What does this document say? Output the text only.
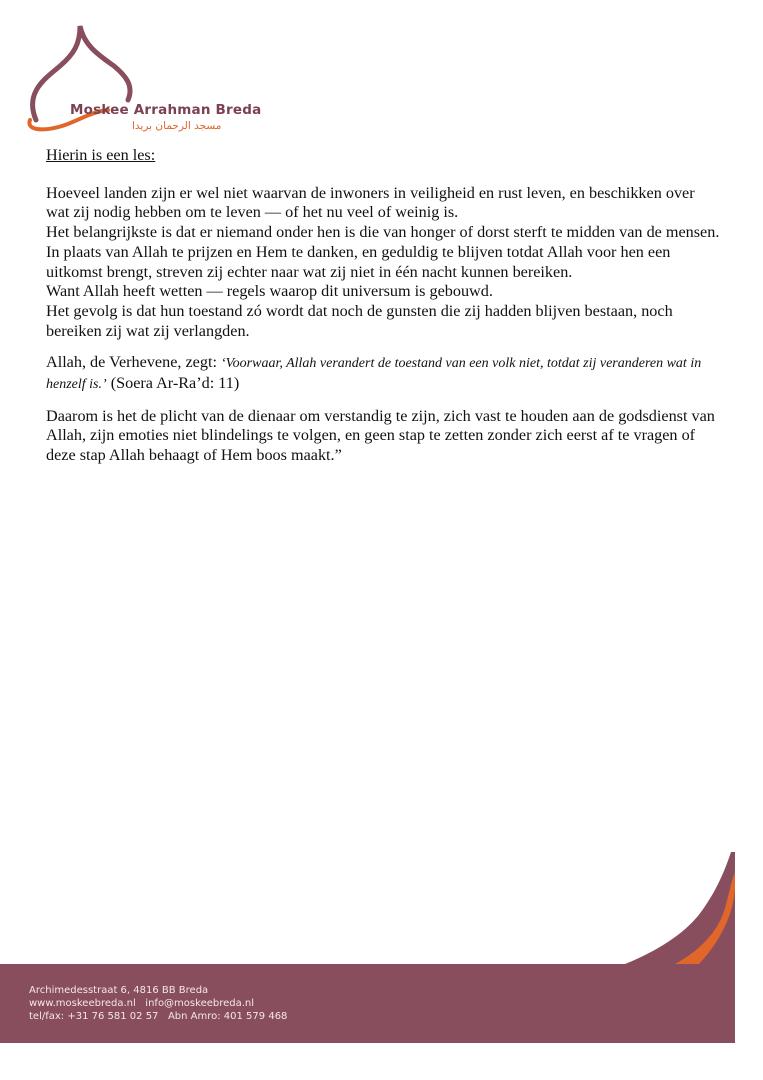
Moskee Arrahman Breda
مسجد الرحمان بريدا

Hierin is een les:

Hoeveel landen zijn er wel niet waarvan de inwoners in veiligheid en rust leven, en beschikken over wat zij nodig hebben om te leven — of het nu veel of weinig is.

Het belangrijkste is dat er niemand onder hen is die van honger of dorst sterft te midden van de mensen.

In plaats van Allah te prijzen en Hem te danken, en geduldig te blijven totdat Allah voor hen een uitkomst brengt, streven zij echter naar wat zij niet in één nacht kunnen bereiken.

Want Allah heeft wetten — regels waarop dit universum is gebouwd.

Het gevolg is dat hun toestand zó wordt dat noch de gunsten die zij hadden blijven bestaan, noch bereiken zij wat zij verlangden.

Allah, de Verhevene, zegt: ‘Voorwaar, Allah verandert de toestand van een volk niet, totdat zij veranderen wat in henzelf is.’ (Soera Ar-Ra’d: 11)

Daarom is het de plicht van de dienaar om verstandig te zijn, zich vast te houden aan de godsdienst van Allah, zijn emoties niet blindelings te volgen, en geen stap te zetten zonder zich eerst af te vragen of deze stap Allah behaagt of Hem boos maakt.”

Archimedesstraat 6, 4816 BB Breda
www.moskeebreda.nl   info@moskeebreda.nl
tel/fax: +31 76 581 02 57   Abn Amro: 401 579 468
